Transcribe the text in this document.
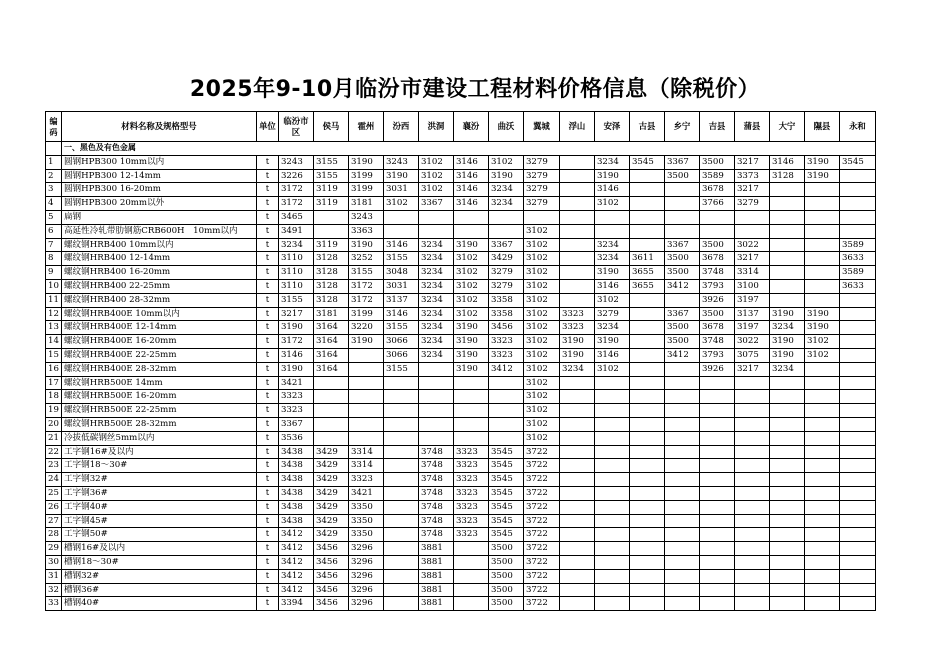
2025年9-10月临汾市建设工程材料价格信息（除税价）
编码	材料名称及规格型号	单位	临汾市区	侯马	霍州	汾西	洪洞	襄汾	曲沃	翼城	浮山	安泽	古县	乡宁	吉县	蒲县	大宁	隰县	永和
	一、黑色及有色金属																		
1	圆钢HPB300 10mm以内	t	3243	3155	3190	3243	3102	3146	3102	3279		3234	3545	3367	3500	3217	3146	3190	3545
2	圆钢HPB300 12-14mm	t	3226	3155	3199	3190	3102	3146	3190	3279		3190		3500	3589	3373	3128	3190	
3	圆钢HPB300 16-20mm	t	3172	3119	3199	3031	3102	3146	3234	3279		3146			3678	3217			
4	圆钢HPB300 20mm以外	t	3172	3119	3181	3102	3367	3146	3234	3279		3102			3766	3279			
5	扁钢	t	3465		3243														
6	高延性冷轧带肋钢筋CRB600H　10mm以内	t	3491		3363					3102									
7	螺纹钢HRB400 10mm以内	t	3234	3119	3190	3146	3234	3190	3367	3102		3234		3367	3500	3022			3589
8	螺纹钢HRB400 12-14mm	t	3110	3128	3252	3155	3234	3102	3429	3102		3234	3611	3500	3678	3217			3633
9	螺纹钢HRB400 16-20mm	t	3110	3128	3155	3048	3234	3102	3279	3102		3190	3655	3500	3748	3314			3589
10	螺纹钢HRB400 22-25mm	t	3110	3128	3172	3031	3234	3102	3279	3102		3146	3655	3412	3793	3100			3633
11	螺纹钢HRB400 28-32mm	t	3155	3128	3172	3137	3234	3102	3358	3102		3102			3926	3197			
12	螺纹钢HRB400E 10mm以内	t	3217	3181	3199	3146	3234	3102	3358	3102	3323	3279		3367	3500	3137	3190	3190	
13	螺纹钢HRB400E 12-14mm	t	3190	3164	3220	3155	3234	3190	3456	3102	3323	3234		3500	3678	3197	3234	3190	
14	螺纹钢HRB400E 16-20mm	t	3172	3164	3190	3066	3234	3190	3323	3102	3190	3190		3500	3748	3022	3190	3102	
15	螺纹钢HRB400E 22-25mm	t	3146	3164		3066	3234	3190	3323	3102	3190	3146		3412	3793	3075	3190	3102	
16	螺纹钢HRB400E 28-32mm	t	3190	3164		3155		3190	3412	3102	3234	3102			3926	3217	3234		
17	螺纹钢HRB500E 14mm	t	3421							3102									
18	螺纹钢HRB500E 16-20mm	t	3323							3102									
19	螺纹钢HRB500E 22-25mm	t	3323							3102									
20	螺纹钢HRB500E 28-32mm	t	3367							3102									
21	冷拔低碳钢丝5mm以内	t	3536							3102									
22	工字钢16#及以内	t	3438	3429	3314		3748	3323	3545	3722									
23	工字钢18～30#	t	3438	3429	3314		3748	3323	3545	3722									
24	工字钢32#	t	3438	3429	3323		3748	3323	3545	3722									
25	工字钢36#	t	3438	3429	3421		3748	3323	3545	3722									
26	工字钢40#	t	3438	3429	3350		3748	3323	3545	3722									
27	工字钢45#	t	3438	3429	3350		3748	3323	3545	3722									
28	工字钢50#	t	3412	3429	3350		3748	3323	3545	3722									
29	槽钢16#及以内	t	3412	3456	3296		3881		3500	3722									
30	槽钢18～30#	t	3412	3456	3296		3881		3500	3722									
31	槽钢32#	t	3412	3456	3296		3881		3500	3722									
32	槽钢36#	t	3412	3456	3296		3881		3500	3722									
33	槽钢40#	t	3394	3456	3296		3881		3500	3722									
